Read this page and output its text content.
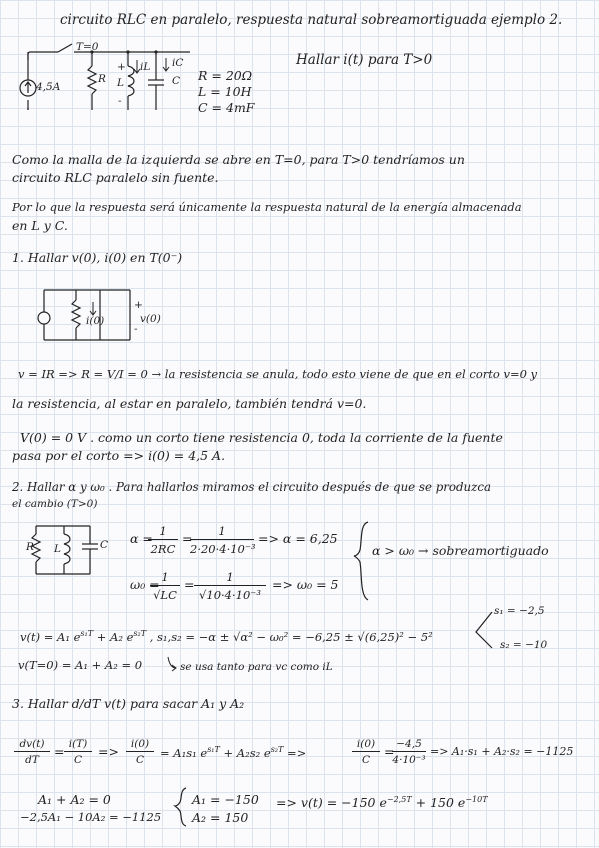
circuito RLC en paralelo, respuesta natural sobreamortiguada ejemplo 2.
T=0
4,5A
R L	C
iL iC
+
-
Hallar i(t) para T>0
R = 20Ω
L = 10H
C = 4mF
Como la malla de la izquierda se abre en T=0, para T>0 tendríamos un
circuito RLC paralelo sin fuente.
Por lo que la respuesta será únicamente la respuesta natural de la energía almacenada
en L y C.
1. Hallar v(0), i(0) en T(0⁻)
i(0)	v(0)
+
-
v = IR => R = V/I = 0 → la resistencia se anula, todo esto viene de que en el corto v=0 y
la resistencia, al estar en paralelo, también tendrá v=0.
V(0) = 0 V . como un corto tiene resistencia 0, toda la corriente de la fuente
pasa por el corto => i(0) = 4,5 A.
2. Hallar α y ω₀ . Para hallarlos miramos el circuito después de que se produzca
el cambio (T>0)
R L	C α =
$\frac{1}{2RC}$ =
$\frac{1}{\text{2·20·4·10⁻³}} => \alpha = 6,25$
ω₀ =
$\frac{1}{√LC} = \frac{1}{\text{√10·4·10⁻³}} => \omega_0 = 5$
α > ω₀ → sobreamortiguado
v(t) = A₁ $e^{s_1T} + A_2$ $e^{s_2T}$ , s₁,s₂ = −α ± √α² − ω₀² = −6,25 ± √(6,25)² − 5²
s₁ = −2,5
s₂ = −10
v(T=0) = A₁ + A₂ = 0	se usa tanto para vc como iL
3. Hallar d/dT v(t) para sacar A₁ y A₂
$\frac{dv(t)}{dT} = \frac{i(T)}{C} => \frac{i(0)}{C} = A_1s_1$ $e^{s_1T} + A_2s_2$ $e^{s_2T}$ =>	$\frac{i(0)}{C}$ =
$\frac{-4,5}{\text{4·10⁻³}} => A_1\cdot s_1 + A_2\cdot s_2 = -1125$
A₁ + A₂ = 0
−2,5A₁ − 10A₂ = −1125
A₁ = −150
A₂ = 150
=> v(t) = −150 $e^{-2,5T} + 150$ $e^{-10T}$
